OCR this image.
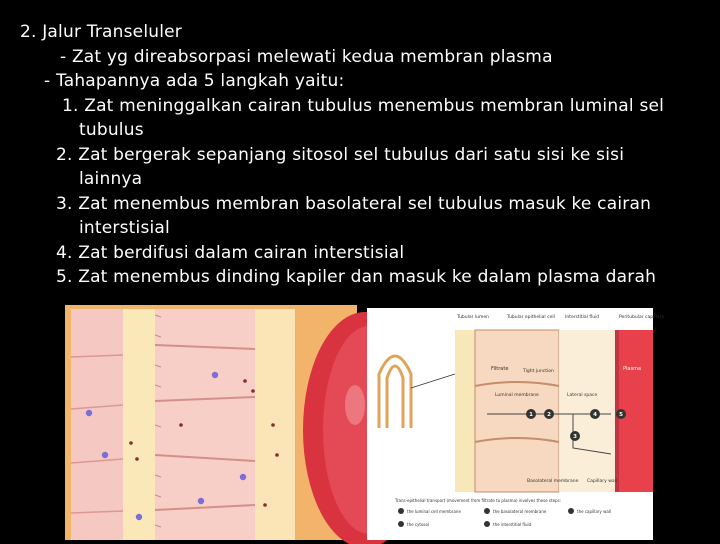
2. Jalur Transeluler
- Zat yg direabsorpasi melewati kedua membran plasma
- Tahapannya ada 5 langkah yaitu:
1. Zat meninggalkan cairan tubulus menembus membran luminal sel
tubulus
2. Zat bergerak sepanjang sitosol sel tubulus dari satu sisi ke sisi
lainnya
3. Zat menembus membran basolateral sel tubulus masuk ke cairan
interstisial
4. Zat berdifusi dalam cairan interstisial
5. Zat menembus dinding kapiler dan masuk ke dalam plasma darah
Tubular lumen	Tubular epithelial cell Interstitial fluid	Peritubular capillary
Filtrate	Tight junction
Lateral space
Luminal membrane
Basolateral membrane Capillary wall
Plasma
1	2
3
4	5
Trans-epithelial transport (movement from filtrate to plasma) involves these steps:
the luminal cell membrane	the basolateral membrane	the capillary wall
the cytosol	the interstitial fluid
